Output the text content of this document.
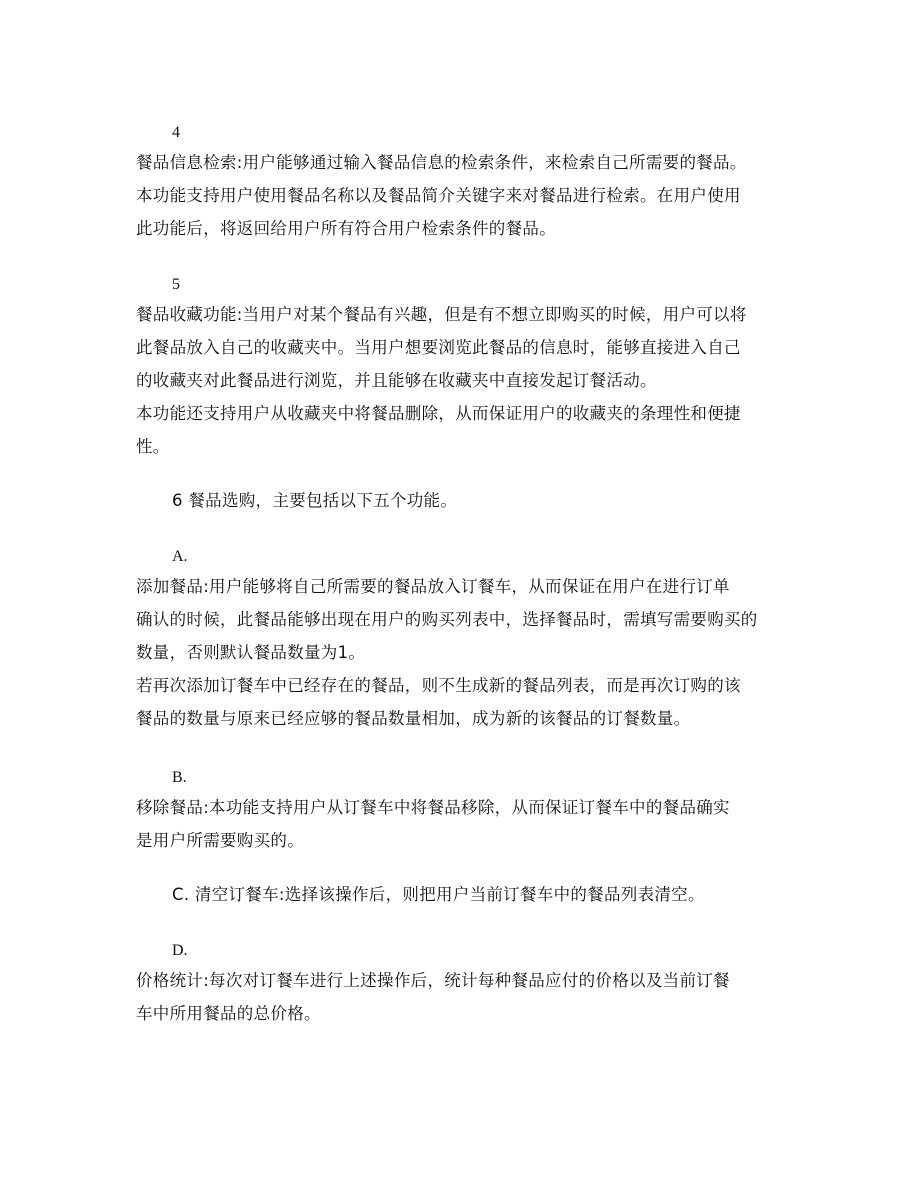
4
餐品信息检索:用户能够通过输入餐品信息的检索条件，来检索自己所需要的餐品。
本功能支持用户使用餐品名称以及餐品简介关键字来对餐品进行检索。在用户使用
此功能后，将返回给用户所有符合用户检索条件的餐品。
5
餐品收藏功能:当用户对某个餐品有兴趣，但是有不想立即购买的时候，用户可以将
此餐品放入自己的收藏夹中。当用户想要浏览此餐品的信息时，能够直接进入自己
的收藏夹对此餐品进行浏览，并且能够在收藏夹中直接发起订餐活动。
本功能还支持用户从收藏夹中将餐品删除，从而保证用户的收藏夹的条理性和便捷
性。
6 餐品选购，主要包括以下五个功能。
A.
添加餐品:用户能够将自己所需要的餐品放入订餐车，从而保证在用户在进行订单
确认的时候，此餐品能够出现在用户的购买列表中，选择餐品时，需填写需要购买的
数量，否则默认餐品数量为1。
若再次添加订餐车中已经存在的餐品，则不生成新的餐品列表，而是再次订购的该
餐品的数量与原来已经应够的餐品数量相加，成为新的该餐品的订餐数量。
B.
移除餐品:本功能支持用户从订餐车中将餐品移除，从而保证订餐车中的餐品确实
是用户所需要购买的。
C. 清空订餐车:选择该操作后，则把用户当前订餐车中的餐品列表清空。
D.
价格统计:每次对订餐车进行上述操作后，统计每种餐品应付的价格以及当前订餐
车中所用餐品的总价格。
